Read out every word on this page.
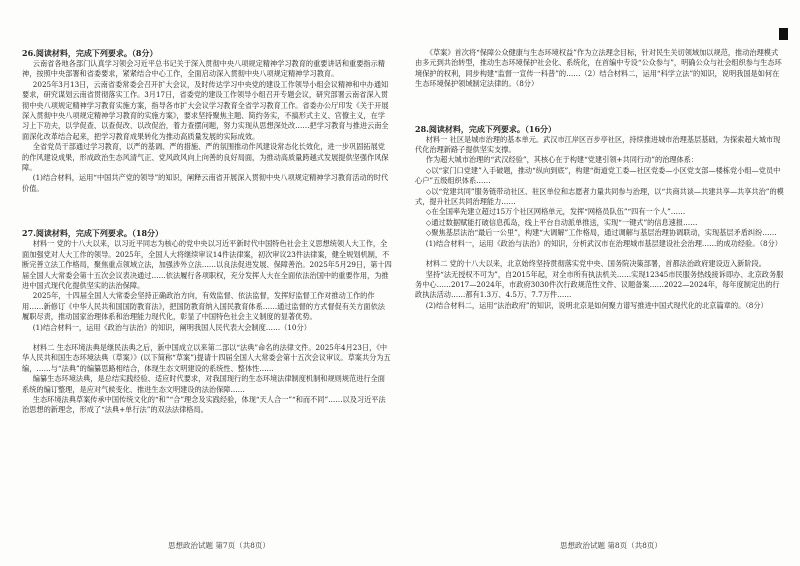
26.阅读材料，完成下列要求。（8分）

云南省各地各部门认真学习领会习近平总书记关于深入贯彻中央八项规定精神学习教育的重要讲话和重要指示精神，按照中央部署和省委要求，紧紧结合中心工作，全面启动深入贯彻中央八项规定精神学习教育。

2025年3月13日，云南省委常委会召开扩大会议，及时传达学习中央党的建设工作领导小组会议精神和中办通知要求，研究谋划云南省贯彻落实工作。3月17日，省委党的建设工作领导小组召开专题会议，研究部署云南省深入贯彻中央八项规定精神学习教育实施方案，指导各市扩大会议学习教育全省学习教育工作。省委办公厅印发《关于开展深入贯彻中央八项规定精神学习教育的实施方案》，要求坚持聚焦主题、简约务实，不搞形式主义、官僚主义，在学习上下功夫，以学促查、以查促改、以改促治，着力查摆问题，努力实现从思想深处改……把学习教育与推进云南全面深化改革结合起来，把学习教育成果转化为推动高质量发展的实际成效。

全省党员干部通过学习教育，以严的基调、严的措施、严的氛围推动作风建设常态化长效化，进一步巩固拓展党的作风建设成果，形成政治生态风清气正、党风政风向上向善的良好局面，为推动高质量跨越式发展提供坚强作风保障。

(1)结合材料，运用“中国共产党的领导”的知识，阐释云南省开展深入贯彻中央八项规定精神学习教育活动的时代价值。

27.阅读材料，完成下列要求。（18分）

材料一 党的十八大以来，以习近平同志为核心的党中央以习近平新时代中国特色社会主义思想统领人大工作，全面加强党对人大工作的领导。2025年，全国人大将继续审议14件法律案，初次审议23件法律案，健全规划机制，不断完善立法工作格局，聚焦重点领域立法，加强涉外立法……以良法促进发展、保障善治。2025年5月29日，第十四届全国人大常委会第十五次会议表决通过……依法履行各项职权，充分发挥人大在全面依法治国中的重要作用，为推进中国式现代化提供坚实的法治保障。

2025年，十四届全国人大常委会坚持正确政治方向，有效监督、依法监督，发挥好监督工作对推动工作的作用……新修订《中华人民共和国国防教育法》，把国防教育纳入国民教育体系……通过监督的方式督促有关方面依法履职尽责，推动国家治理体系和治理能力现代化，彰显了中国特色社会主义制度的显著优势。

(1)结合材料一，运用《政治与法治》的知识，阐明我国人民代表大会制度……（10分）

材料二 生态环境法典是继民法典之后，新中国成立以来第二部以“法典”命名的法律文件。2025年4月23日，《中华人民共和国生态环境法典（草案）》(以下简称“草案”)提请十四届全国人大常委会第十五次会议审议。草案共分为五编，……与“法典”的编纂思路相结合，体现生态文明建设的系统性、整体性……

编纂生态环境法典，是总结实践经验、适应时代要求，对我国现行的生态环境法律制度机制和规则规范进行全面系统的编订整理，是应对气候变化、推进生态文明建设的法治保障……

生态环境法典草案传承中国传统文化的“和”“合”理念及实践经验，体现“天人合一”“和而不同”……以及习近平法治思想的新理念，形成了“法典+单行法”的双法法律格局。

《草案》首次将“保障公众健康与生态环境权益”作为立法理念目标，针对民生关切领域加以规范，推动治理模式由多元到共治转型，推动生态环境保护社会化、系统化，在首编中专设“公众参与”，明确公众与社会组织参与生态环境保护的权利，同步构建“监督一宣传一科普”的……（2）结合材料二，运用“科学立法”的知识，说明我国是如何在生态环境保护领域制定法律的。（8分）

28.阅读材料，完成下列要求。（16分）

材料一 社区是城市治理的基本单元。武汉市江岸区百步亭社区，持续推进城市治理基层基础，为探索超大城市现代化治理新路子提供坚实支撑。

作为超大城市治理的“武汉经验”，其核心在于构建“党建引领+共同行动”的治理体系：

◇以“家门口党建”入手破题，推动“纵向到底”，构建“街道党工委—社区党委—小区党支部—楼栋党小组—党员中心户”五级组织体系……

◇以“党建共同”服务链带动社区、驻区单位和志愿者力量共同参与治理，以“共商共谈—共建共享—共享共治”的模式，提升社区共同治理能力……

◇在全国率先建立超过15万个社区网格单元，发挥“网格员队伍”“四有一个人”……

◇通过数据赋能打破信息孤岛，线上平台自动派单推送，实现“一键式”的信息速报……

◇聚焦基层法治“最后一公里”，构建“大调解”工作格局，通过调解与基层治理协调联动，实现基层矛盾纠纷……

(1)结合材料一，运用《政治与法治》的知识，分析武汉市在治理城市基层建设社会治理……的成功经验。（8分）

材料二 党的十八大以来，北京始终坚持贯彻落实党中央、国务院决策部署，首都法治政府建设迈入新阶段。

坚持“法无授权不可为”，自2015年起，对全市所有执法机关……实现12345市民服务热线接诉即办、北京政务服务中心……2017—2024年，市政府3030件次行政规范性文件、议题备案……2022—2024年，每年度制定出的行政执法活动……都有1.3万、4.5万、7.7万件……

(2)结合材料二，运用“法治政府”的知识，说明北京是如何聚力谱写推进中国式现代化的北京篇章的。（8分）

思想政治试题 第7页（共8页）	思想政治试题 第8页（共8页）
